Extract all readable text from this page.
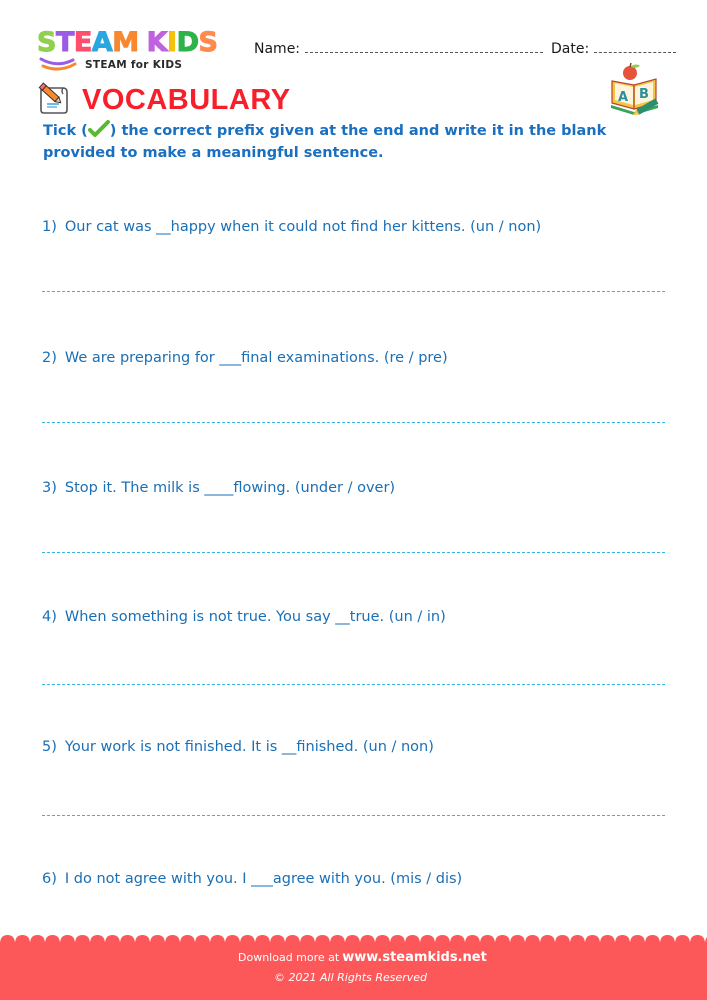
STEAM KIDS
STEAM for KIDS
Name:	Date:
VOCABULARY	A B
Tick ( ) the correct prefix given at the end and write it in the blank provided to make a meaningful sentence.
1) Our cat was __happy when it could not find her kittens. (un / non)
2) We are preparing for ___final examinations. (re / pre)
3) Stop it. The milk is ____flowing. (under / over)
4) When something is not true. You say __true. (un / in)
5) Your work is not finished. It is __finished. (un / non)
6) I do not agree with you. I ___agree with you. (mis / dis)
Download more at www.steamkids.net
© 2021 All Rights Reserved
